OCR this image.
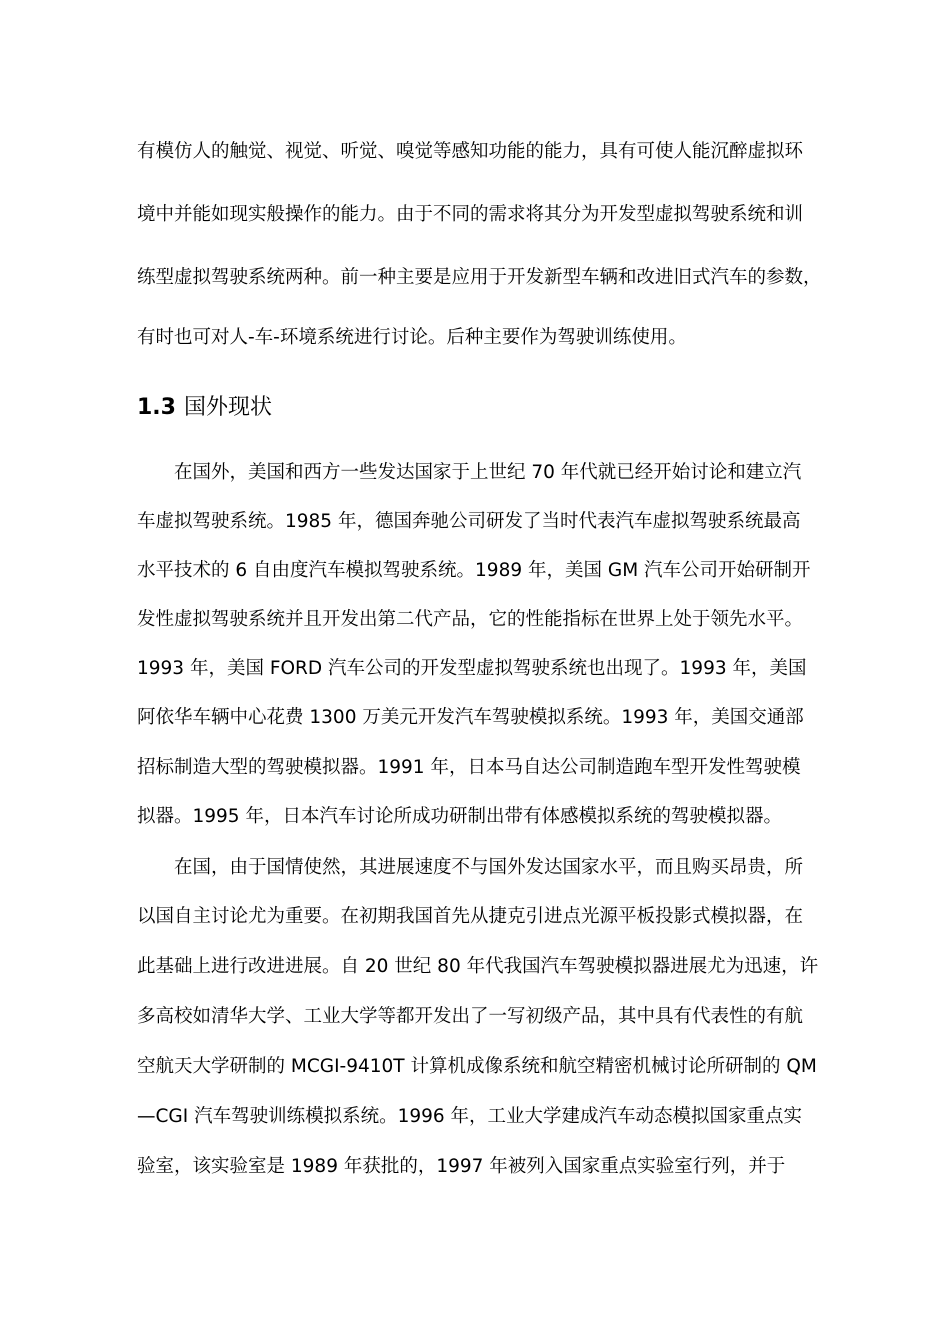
有模仿人的触觉、视觉、听觉、嗅觉等感知功能的能力，具有可使人能沉醉虚拟环
境中并能如现实般操作的能力。由于不同的需求将其分为开发型虚拟驾驶系统和训
练型虚拟驾驶系统两种。前一种主要是应用于开发新型车辆和改进旧式汽车的参数，
有时也可对人-车-环境系统进行讨论。后种主要作为驾驶训练使用。
1.3 国外现状
在国外，美国和西方一些发达国家于上世纪 70 年代就已经开始讨论和建立汽
车虚拟驾驶系统。1985 年，德国奔驰公司研发了当时代表汽车虚拟驾驶系统最高
水平技术的 6 自由度汽车模拟驾驶系统。1989 年，美国 GM 汽车公司开始研制开
发性虚拟驾驶系统并且开发出第二代产品，它的性能指标在世界上处于领先水平。
1993 年，美国 FORD 汽车公司的开发型虚拟驾驶系统也出现了。1993 年，美国
阿依华车辆中心花费 1300 万美元开发汽车驾驶模拟系统。1993 年，美国交通部
招标制造大型的驾驶模拟器。1991 年，日本马自达公司制造跑车型开发性驾驶模
拟器。1995 年，日本汽车讨论所成功研制出带有体感模拟系统的驾驶模拟器。
在国，由于国情使然，其进展速度不与国外发达国家水平，而且购买昂贵，所
以国自主讨论尤为重要。在初期我国首先从捷克引进点光源平板投影式模拟器，在
此基础上进行改进进展。自 20 世纪 80 年代我国汽车驾驶模拟器进展尤为迅速，许
多高校如清华大学、工业大学等都开发出了一写初级产品，其中具有代表性的有航
空航天大学研制的 MCGI-9410T 计算机成像系统和航空精密机械讨论所研制的 QM
—CGI 汽车驾驶训练模拟系统。1996 年，工业大学建成汽车动态模拟国家重点实
验室，该实验室是 1989 年获批的，1997 年被列入国家重点实验室行列，并于
